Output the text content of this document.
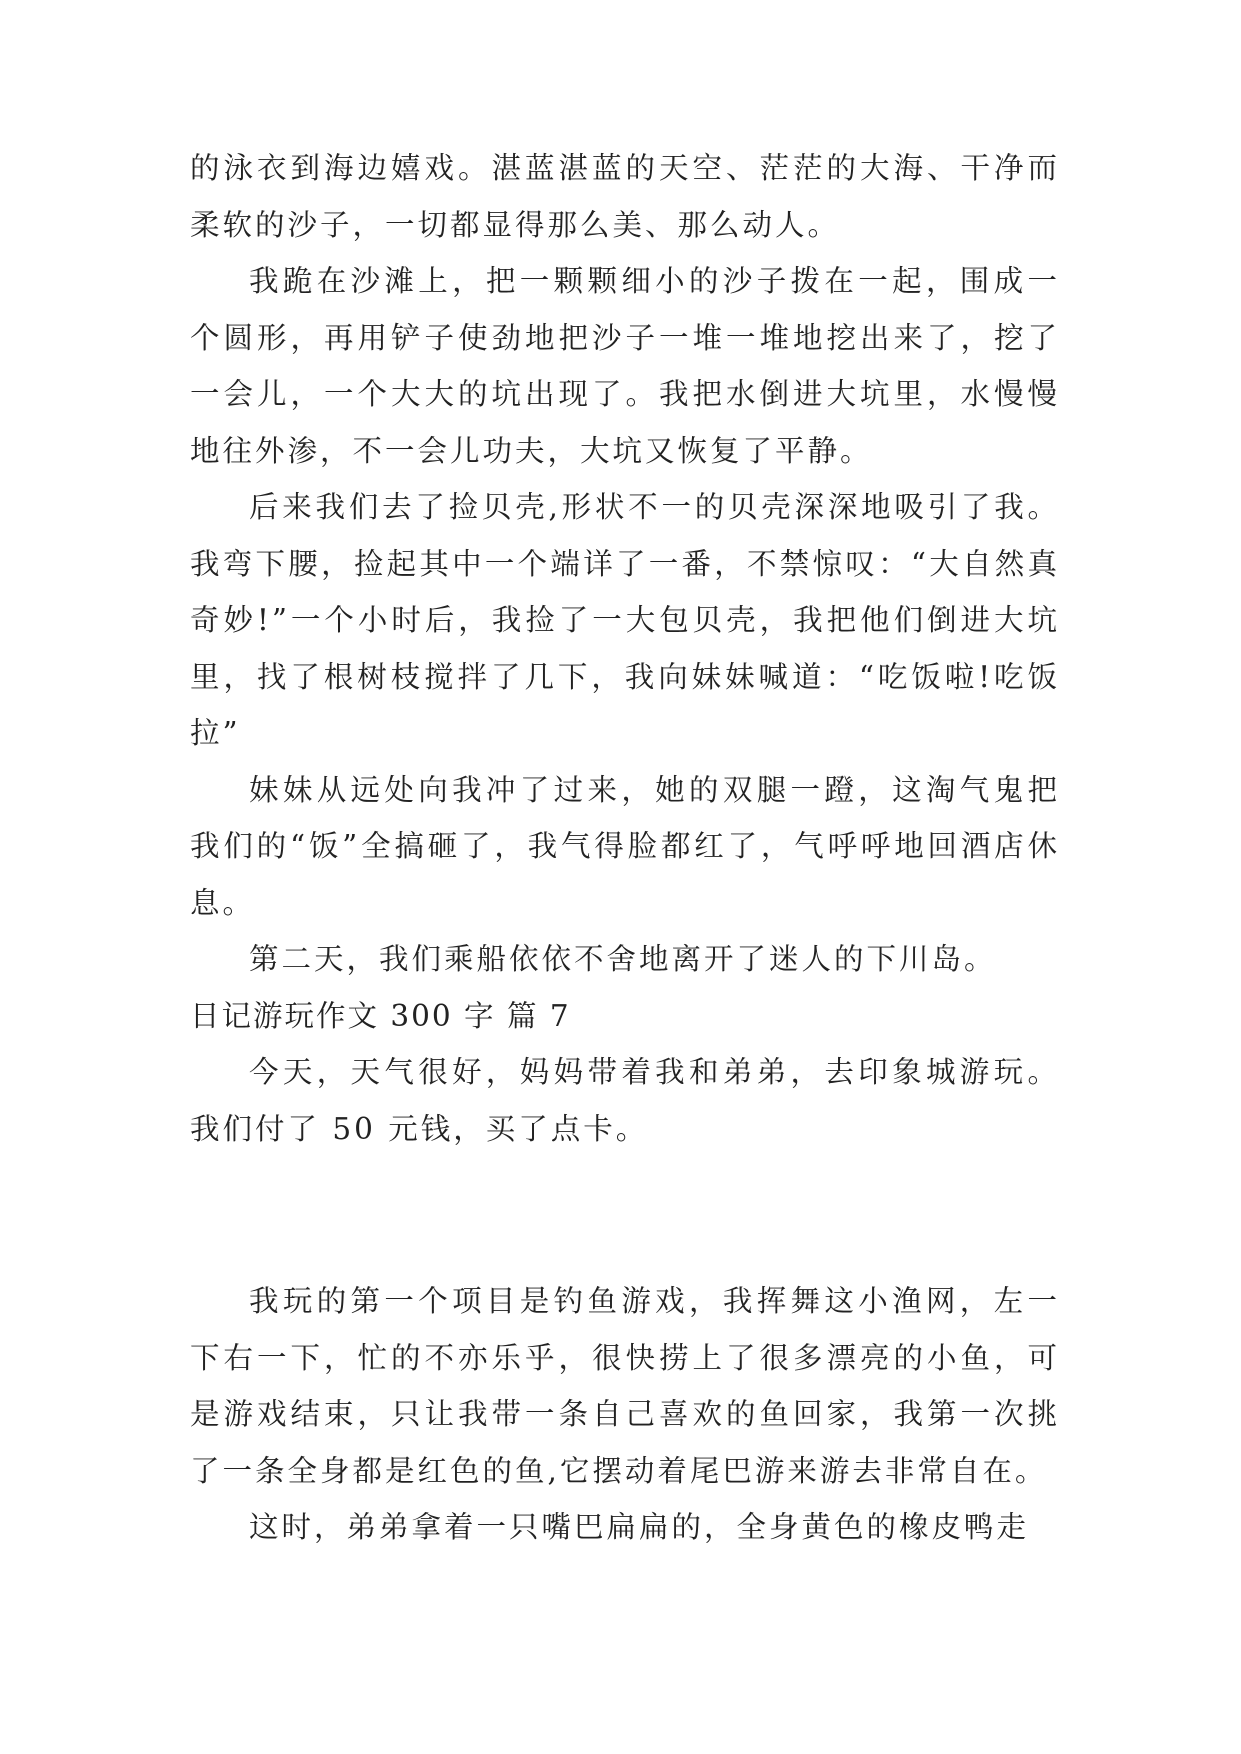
的泳衣到海边嬉戏。湛蓝湛蓝的天空、茫茫的大海、干净而柔软的沙子，一切都显得那么美、那么动人。

我跪在沙滩上，把一颗颗细小的沙子拨在一起，围成一个圆形，再用铲子使劲地把沙子一堆一堆地挖出来了，挖了一会儿，一个大大的坑出现了。我把水倒进大坑里，水慢慢地往外渗，不一会儿功夫，大坑又恢复了平静。

后来我们去了捡贝壳,形状不一的贝壳深深地吸引了我。我弯下腰，捡起其中一个端详了一番，不禁惊叹：“大自然真奇妙!”一个小时后，我捡了一大包贝壳，我把他们倒进大坑里，找了根树枝搅拌了几下，我向妹妹喊道：“吃饭啦!吃饭拉”

妹妹从远处向我冲了过来，她的双腿一蹬，这淘气鬼把我们的“饭”全搞砸了，我气得脸都红了，气呼呼地回酒店休息。

第二天，我们乘船依依不舍地离开了迷人的下川岛。

日记游玩作文 300 字 篇 7

今天，天气很好，妈妈带着我和弟弟，去印象城游玩。我们付了 50 元钱，买了点卡。

我玩的第一个项目是钓鱼游戏，我挥舞这小渔网，左一下右一下，忙的不亦乐乎，很快捞上了很多漂亮的小鱼，可是游戏结束，只让我带一条自己喜欢的鱼回家，我第一次挑了一条全身都是红色的鱼,它摆动着尾巴游来游去非常自在。

这时，弟弟拿着一只嘴巴扁扁的，全身黄色的橡皮鸭走
